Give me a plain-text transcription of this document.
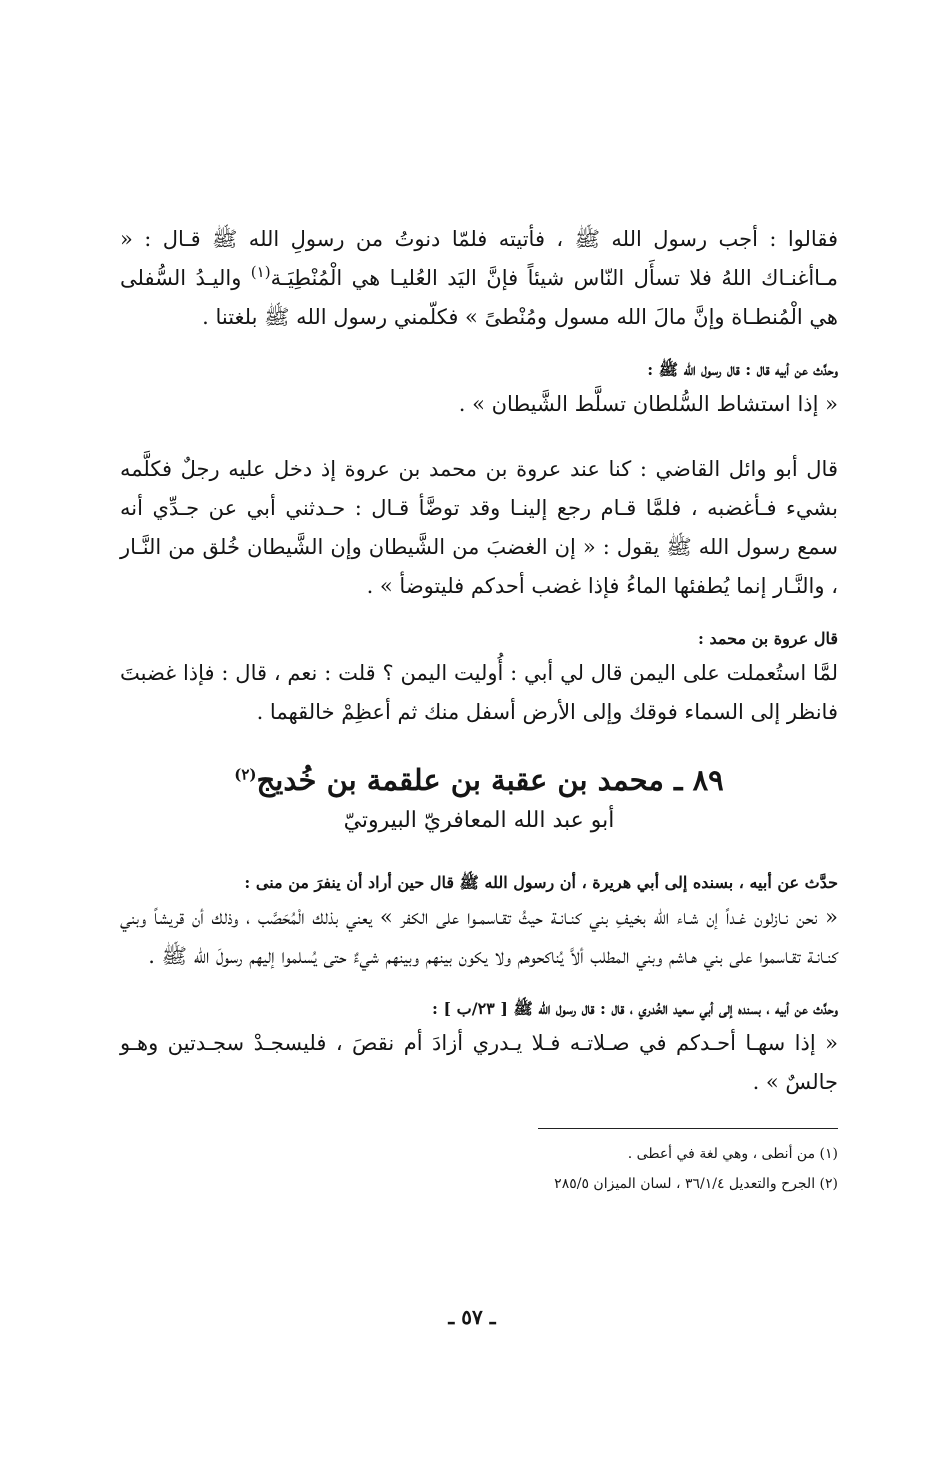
فقالوا : أجب رسول الله ﷺ ، فأتيته فلمّا دنوتُ من رسولِ الله ﷺ قـال : « مـاأغنـاك اللهُ فلا تسأَل النّاس شيئاً فإنَّ اليَد العُليـا هي الْمُنْطِيَـة$^{(١)}$ واليـدُ السُّفلى هي الْمُنطـاة وإنَّ مالَ الله مسول ومُنْطىً » فكلّمني رسول الله ﷺ بلغتنا .

وحدَّث عن أبيه قال : قال رسول الله ﷺ :

« إذا استشاط السُّلطان تسلَّط الشَّيطان » .

قال أبو وائل القاضي : كنا عند عروة بن محمد بن عروة إذ دخل عليه رجلٌ فكلَّمه بشيء فـأغضبه ، فلمَّا قـام رجع إلينـا وقد توضَّأ قـال : حـدثني أبي عن جـدِّي أنه سمع رسول الله ﷺ يقول : « إن الغضبَ من الشَّيطان وإن الشَّيطان خُلق من النَّـار ، والنَّـار إنما يُطفئها الماءُ فإذا غضب أحدكم فليتوضأ » .

قال عروة بن محمد :

لمَّا استُعملت على اليمن قال لي أبي : أُوليت اليمن ؟ قلت : نعم ، قال : فإذا غضبتَ فانظر إلى السماء فوقك وإلى الأرض أسفل منك ثم أعظِمْ خالقهما .

٨٩ ـ محمد بن عقبة بن علقمة بن خُديج$^{(٢)}$

أبو عبد الله المعافريّ البيروتيّ

حدَّث عن أبيه ، بسنده إلى أبي هريرة ، أن رسول الله ﷺ قال حين أراد أن ينفرَ من منى :

« نحن نـازلون غـداً إن شـاء الله بخيفِ بني كنـانـة حيثُ تقـاسمـوا على الكفر » يعني بذلك الْمُحَصَّب ، وذلك أن قريشاً وبني كنـانـة تقـاسموا على بني هـاشم وبني المطلب ألاَّ يُناكحوهم ولا يكون بينهم وبينهم شيءٌ حتى يُسلموا إليهم رسولَ الله ﷺ .

وحدَّث عن أبيه ، بسنده إلى أبي سعيد الخُدري ، قال : قال رسول الله ﷺ [ ٢٣/ب ] :

« إذا سهـا أحـدكم في صـلاتـه فـلا يـدري أزادَ أم نقصَ ، فليسجـدْ سجـدتين وهـو جالسٌ » .

(١) من أنطى ، وهي لغة في أعطى .

(٢) الجرح والتعديل ٣٦/١/٤ ، لسان الميزان ٢٨٥/٥

ـ ٥٧ ـ
